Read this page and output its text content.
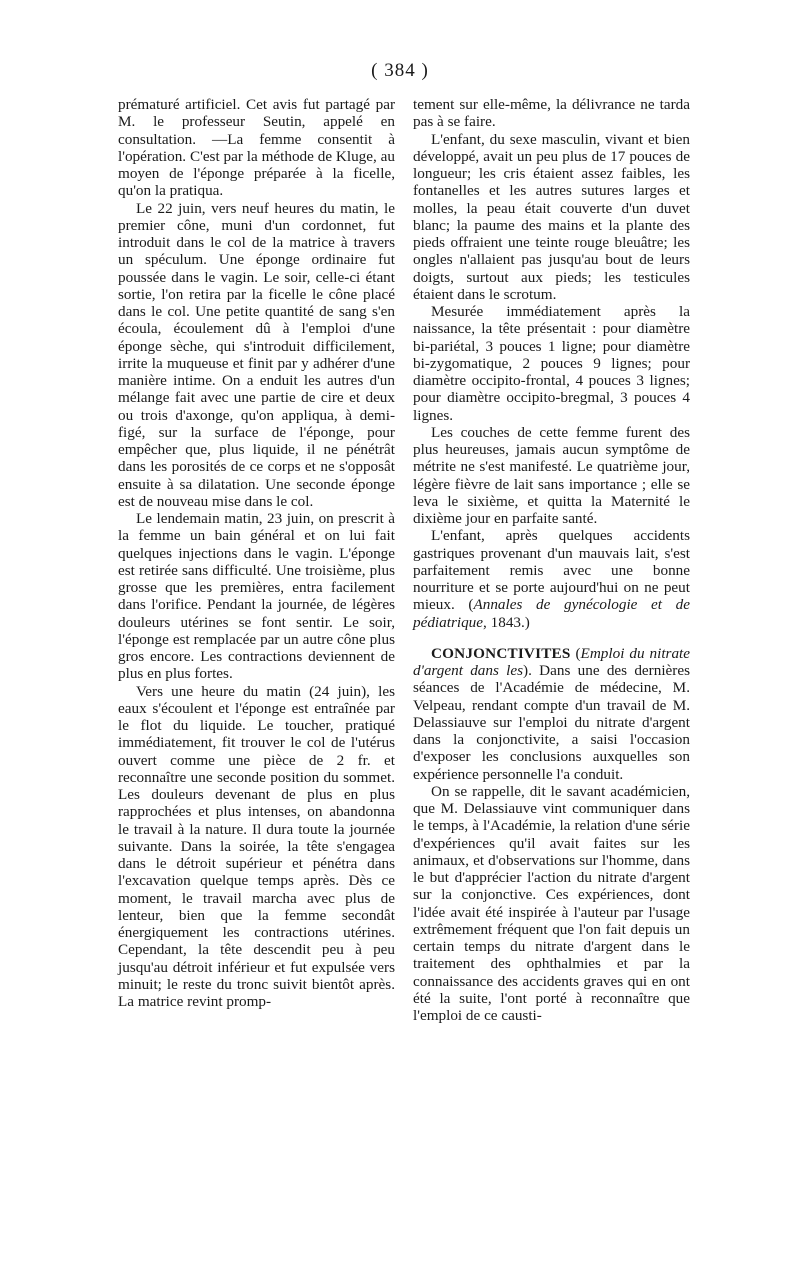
( 384 )

prématuré artificiel. Cet avis fut partagé par M. le professeur Seutin, appelé en consultation. —La femme consentit à l'opération. C'est par la méthode de Kluge, au moyen de l'éponge préparée à la ficelle, qu'on la pratiqua.

Le 22 juin, vers neuf heures du matin, le premier cône, muni d'un cordonnet, fut introduit dans le col de la matrice à travers un spéculum. Une éponge ordinaire fut poussée dans le vagin. Le soir, celle-ci étant sortie, l'on retira par la ficelle le cône placé dans le col. Une petite quantité de sang s'en écoula, écoulement dû à l'emploi d'une éponge sèche, qui s'introduit difficilement, irrite la muqueuse et finit par y adhérer d'une manière intime. On a enduit les autres d'un mélange fait avec une partie de cire et deux ou trois d'axonge, qu'on appliqua, à demi-figé, sur la surface de l'éponge, pour empêcher que, plus liquide, il ne pénétrât dans les porosités de ce corps et ne s'opposât ensuite à sa dilatation. Une seconde éponge est de nouveau mise dans le col.

Le lendemain matin, 23 juin, on prescrit à la femme un bain général et on lui fait quelques injections dans le vagin. L'éponge est retirée sans difficulté. Une troisième, plus grosse que les premières, entra facilement dans l'orifice. Pendant la journée, de légères douleurs utérines se font sentir. Le soir, l'éponge est remplacée par un autre cône plus gros encore. Les contractions deviennent de plus en plus fortes.

Vers une heure du matin (24 juin), les eaux s'écoulent et l'éponge est entraînée par le flot du liquide. Le toucher, pratiqué immédiatement, fit trouver le col de l'utérus ouvert comme une pièce de 2 fr. et reconnaître une seconde position du sommet. Les douleurs devenant de plus en plus rapprochées et plus intenses, on abandonna le travail à la nature. Il dura toute la journée suivante. Dans la soirée, la tête s'engagea dans le détroit supérieur et pénétra dans l'excavation quelque temps après. Dès ce moment, le travail marcha avec plus de lenteur, bien que la femme secondât énergiquement les contractions utérines. Cependant, la tête descendit peu à peu jusqu'au détroit inférieur et fut expulsée vers minuit; le reste du tronc suivit bientôt après. La matrice revint promp-

tement sur elle-même, la délivrance ne tarda pas à se faire.

L'enfant, du sexe masculin, vivant et bien développé, avait un peu plus de 17 pouces de longueur; les cris étaient assez faibles, les fontanelles et les autres sutures larges et molles, la peau était couverte d'un duvet blanc; la paume des mains et la plante des pieds offraient une teinte rouge bleuâtre; les ongles n'allaient pas jusqu'au bout de leurs doigts, surtout aux pieds; les testicules étaient dans le scrotum.

Mesurée immédiatement après la naissance, la tête présentait : pour diamètre bi-pariétal, 3 pouces 1 ligne; pour diamètre bi-zygomatique, 2 pouces 9 lignes; pour diamètre occipito-frontal, 4 pouces 3 lignes; pour diamètre occipito-bregmal, 3 pouces 4 lignes.

Les couches de cette femme furent des plus heureuses, jamais aucun symptôme de métrite ne s'est manifesté. Le quatrième jour, légère fièvre de lait sans importance ; elle se leva le sixième, et quitta la Maternité le dixième jour en parfaite santé.

L'enfant, après quelques accidents gastriques provenant d'un mauvais lait, s'est parfaitement remis avec une bonne nourriture et se porte aujourd'hui on ne peut mieux. (Annales de gynécologie et de pédiatrique, 1843.)

CONJONCTIVITES (Emploi du nitrate d'argent dans les). Dans une des dernières séances de l'Académie de médecine, M. Velpeau, rendant compte d'un travail de M. Delassiauve sur l'emploi du nitrate d'argent dans la conjonctivite, a saisi l'occasion d'exposer les conclusions auxquelles son expérience personnelle l'a conduit.

On se rappelle, dit le savant académicien, que M. Delassiauve vint communiquer dans le temps, à l'Académie, la relation d'une série d'expériences qu'il avait faites sur les animaux, et d'observations sur l'homme, dans le but d'apprécier l'action du nitrate d'argent sur la conjonctive. Ces expériences, dont l'idée avait été inspirée à l'auteur par l'usage extrêmement fréquent que l'on fait depuis un certain temps du nitrate d'argent dans le traitement des ophthalmies et par la connaissance des accidents graves qui en ont été la suite, l'ont porté à reconnaître que l'emploi de ce causti-
